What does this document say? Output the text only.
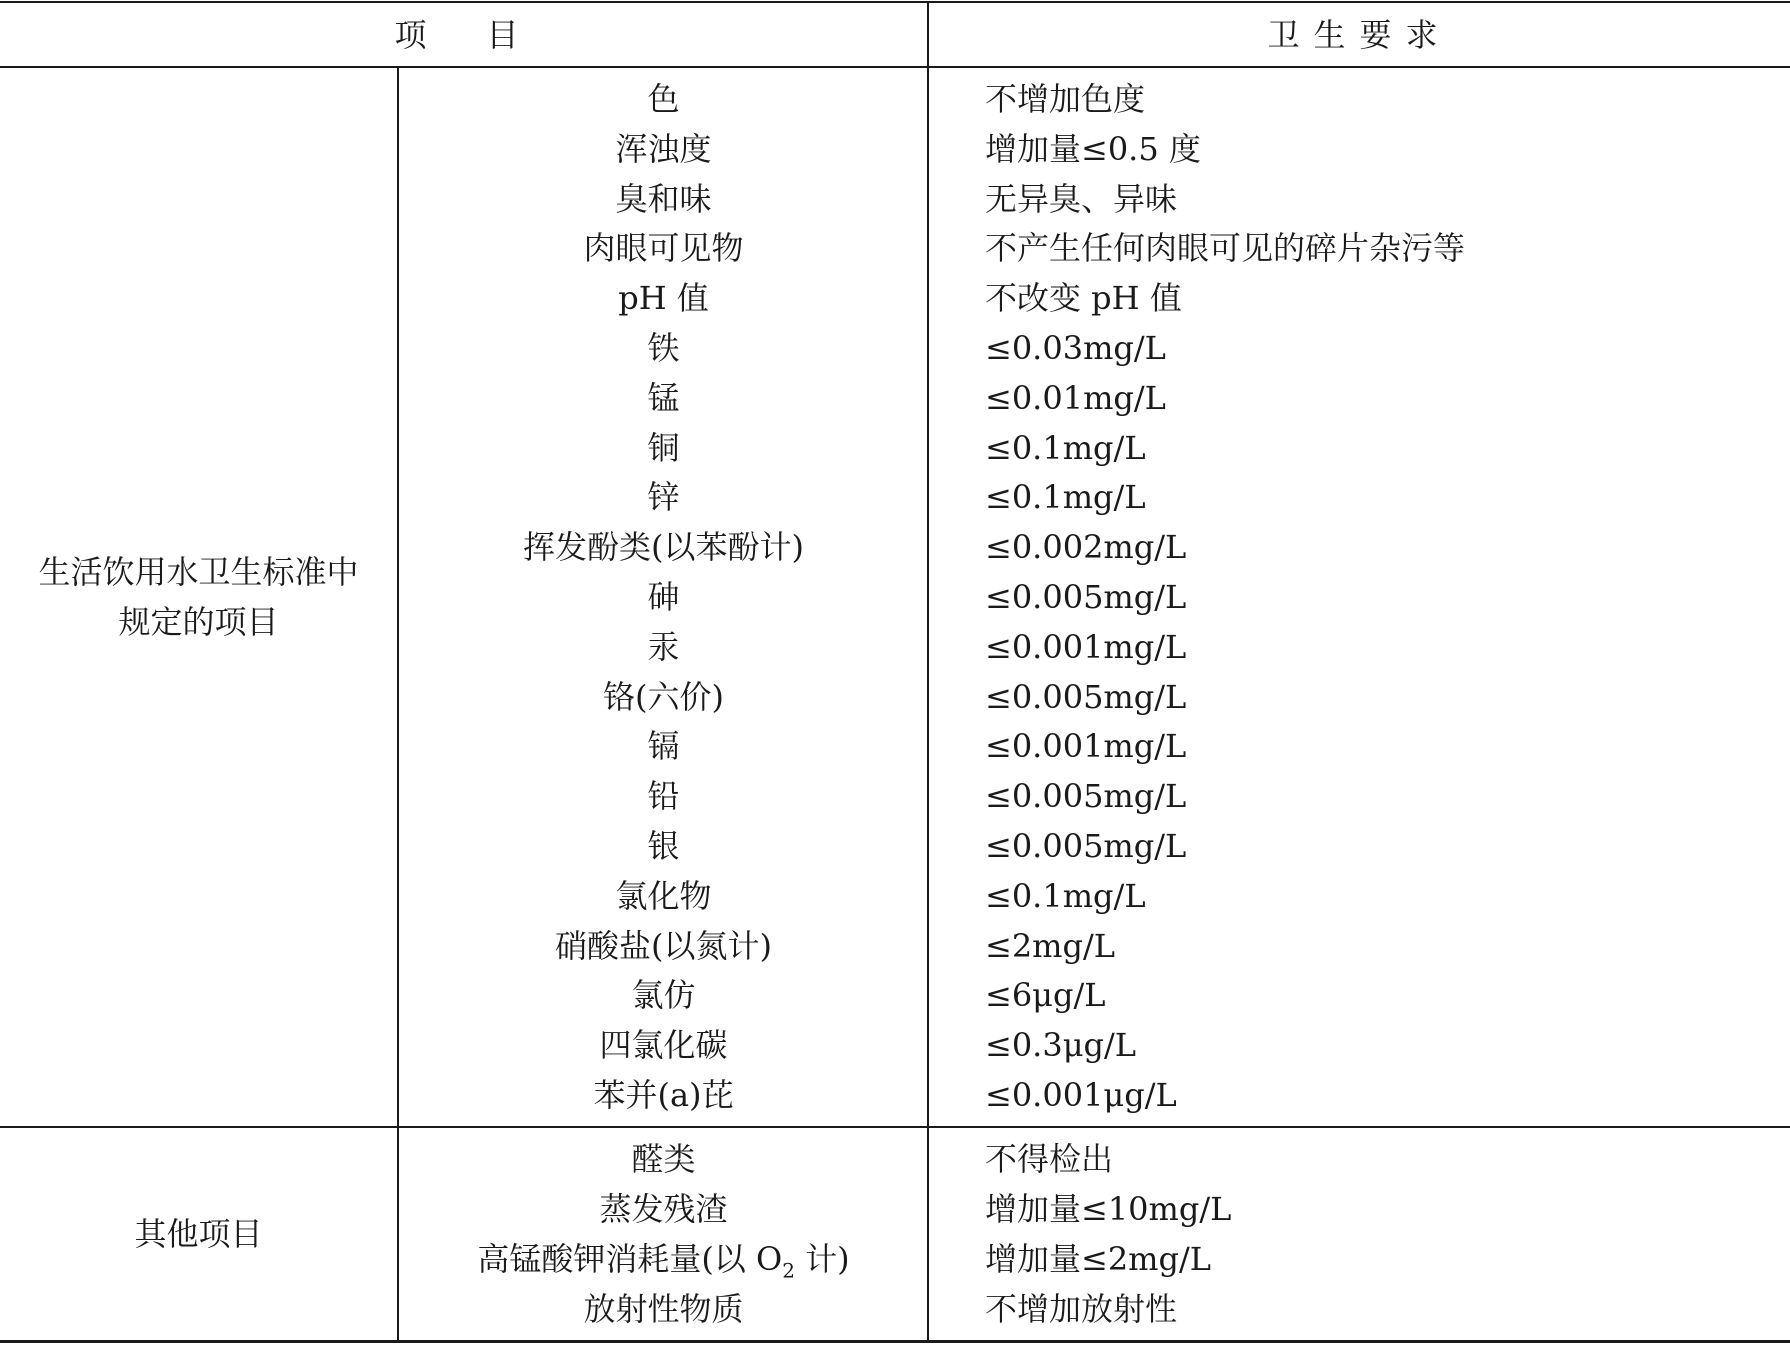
项　目	卫生要求
生活饮用水卫生标准中
规定的项目
色
浑浊度
臭和味
肉眼可见物
pH 值
铁
锰
铜
锌
挥发酚类(以苯酚计)
砷
汞
铬(六价)
镉
铅
银
氯化物
硝酸盐(以氮计)
氯仿
四氯化碳
苯并(a)芘
不增加色度
增加量≤0.5 度
无异臭、异味
不产生任何肉眼可见的碎片杂污等
不改变 pH 值
≤0.03mg/L
≤0.01mg/L
≤0.1mg/L
≤0.1mg/L
≤0.002mg/L
≤0.005mg/L
≤0.001mg/L
≤0.005mg/L
≤0.001mg/L
≤0.005mg/L
≤0.005mg/L
≤0.1mg/L
≤2mg/L
≤6μg/L
≤0.3μg/L
≤0.001μg/L
其他项目
醛类
蒸发残渣
高锰酸钾消耗量(以 $O_2$ 计)
放射性物质
不得检出
增加量≤10mg/L
增加量≤2mg/L
不增加放射性
